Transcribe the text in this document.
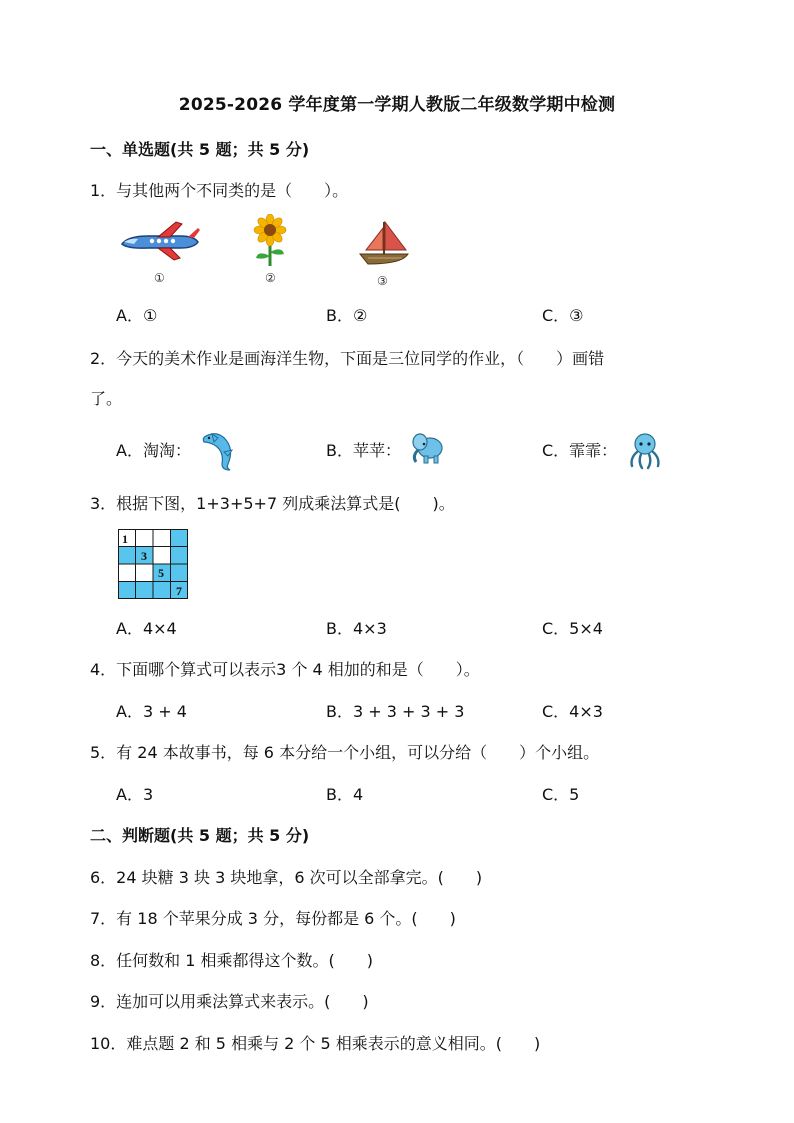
2025-2026 学年度第一学期人教版二年级数学期中检测
一、单选题(共 5 题；共 5 分)
1．与其他两个不同类的是（　　）。
①	②	③
A．①	B．②	C．③
2．今天的美术作业是画海洋生物，下面是三位同学的作业，（　　）画错
了。
A．淘淘：	B．苹苹：	C．霏霏：
3．根据下图，1+3+5+7 列成乘法算式是(　　)。
1
3
5
7
A．4×4	B．4×3	C．5×4
4．下面哪个算式可以表示3 个 4 相加的和是（　　）。
A．3 + 4	B．3 + 3 + 3 + 3	C．4×3
5．有 24 本故事书，每 6 本分给一个小组，可以分给（　　）个小组。
A．3	B．4	C．5
二、判断题(共 5 题；共 5 分)
6．24 块糖 3 块 3 块地拿，6 次可以全部拿完。(　　)
7．有 18 个苹果分成 3 分，每份都是 6 个。(　　)
8．任何数和 1 相乘都得这个数。(　　)
9．连加可以用乘法算式来表示。(　　)
10．难点题 2 和 5 相乘与 2 个 5 相乘表示的意义相同。(　　)
